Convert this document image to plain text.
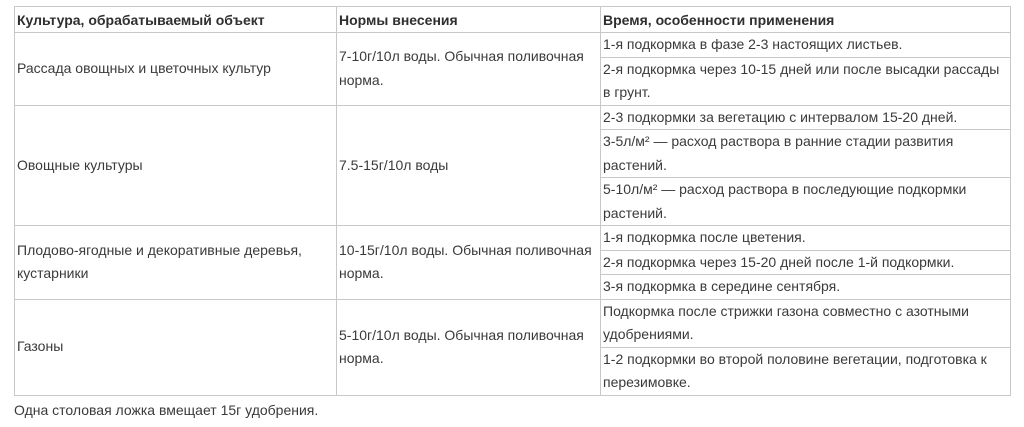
Культура, обрабатываемый объект	Нормы внесения	Время, особенности применения
Рассада овощных и цветочных культур	7-10г/10л воды. Обычная поливочная норма.	1-я подкормка в фазе 2-3 настоящих листьев.
		2-я подкормка через 10-15 дней или после высадки рассады в грунт.
Овощные культуры	7.5-15г/10л воды	2-3 подкормки за вегетацию с интервалом 15-20 дней.
		3-5л/м² — расход раствора в ранние стадии развития растений.
		5-10л/м² — расход раствора в последующие подкормки растений.
Плодово-ягодные и декоративные деревья, кустарники	10-15г/10л воды. Обычная поливочная норма.	1-я подкормка после цветения.
		2-я подкормка через 15-20 дней после 1-й подкормки.
		3-я подкормка в середине сентября.
Газоны	5-10г/10л воды. Обычная поливочная норма.	Подкормка после стрижки газона совместно с азотными удобрениями.
		1-2 подкормки во второй половине вегетации, подготовка к перезимовке.
Одна столовая ложка вмещает 15г удобрения.
